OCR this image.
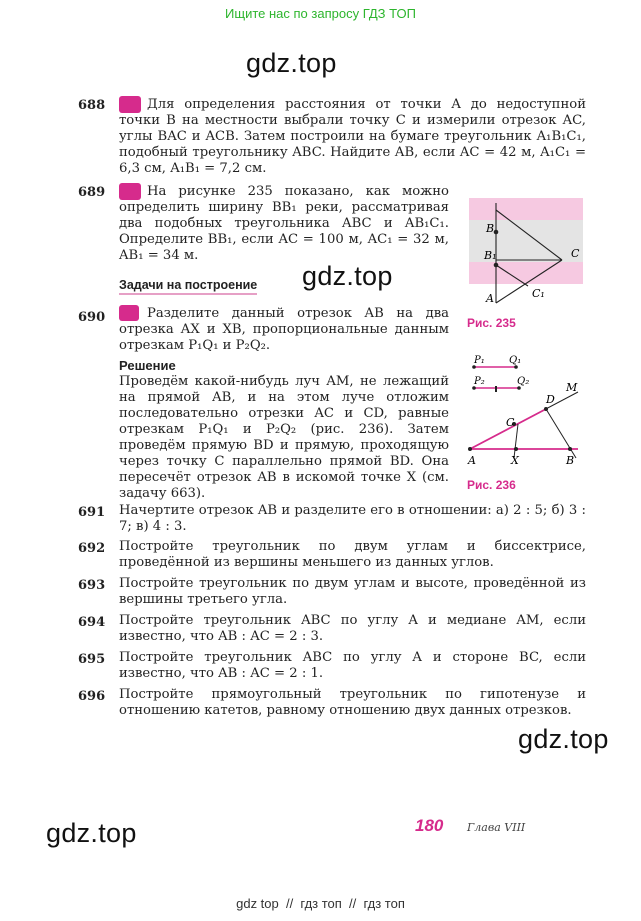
Ищите нас по запросу ГДЗ ТОП
gdz.top
688	Для определения расстояния от точки A до недоступной точки B на местности выбрали точку C и измерили отрезок AC, углы BAC и ACB. Затем построили на бумаге треугольник A₁B₁C₁, подобный треугольнику ABC. Найдите AB, если AC = 42 м, A₁C₁ = 6,3 см, A₁B₁ = 7,2 см.
689	На рисунке 235 показано, как можно определить ширину BB₁ реки, рассматривая два подобных треугольника ABC и AB₁C₁. Определите BB₁, если AC = 100 м, AC₁ = 32 м, AB₁ = 34 м.
Задачи на построение gdz.top
B
B₁	C
A	C₁
Рис. 235
690	Разделите данный отрезок AB на два отрезка AX и XB, пропорциональные данным отрезкам P₁Q₁ и P₂Q₂.
Решение
Проведём какой-нибудь луч AM, не лежащий на прямой AB, и на этом луче отложим последовательно отрезки AC и CD, равные отрезкам P₁Q₁ и P₂Q₂ (рис. 236). Затем проведём прямую BD и прямую, проходящую через точку C параллельно прямой BD. Она пересечёт отрезок AB в искомой точке X (см. задачу 663).
P₁ Q₁
P₂	Q₂	M
D
C
A	X	B
Рис. 236
691 Начертите отрезок AB и разделите его в отношении: а) 2 : 5; б) 3 : 7; в) 4 : 3.
692 Постройте треугольник по двум углам и биссектрисе, проведённой из вершины меньшего из данных углов.
693 Постройте треугольник по двум углам и высоте, проведённой из вершины третьего угла.
694 Постройте треугольник ABC по углу A и медиане AM, если известно, что AB : AC = 2 : 3.
695 Постройте треугольник ABC по углу A и стороне BC, если известно, что AB : AC = 2 : 1.
696 Постройте прямоугольный треугольник по гипотенузе и отношению катетов, равному отношению двух данных отрезков.
gdz.top
gdz.top	180 Глава VIII
gdz top  //  гдз топ  //  гдз топ
